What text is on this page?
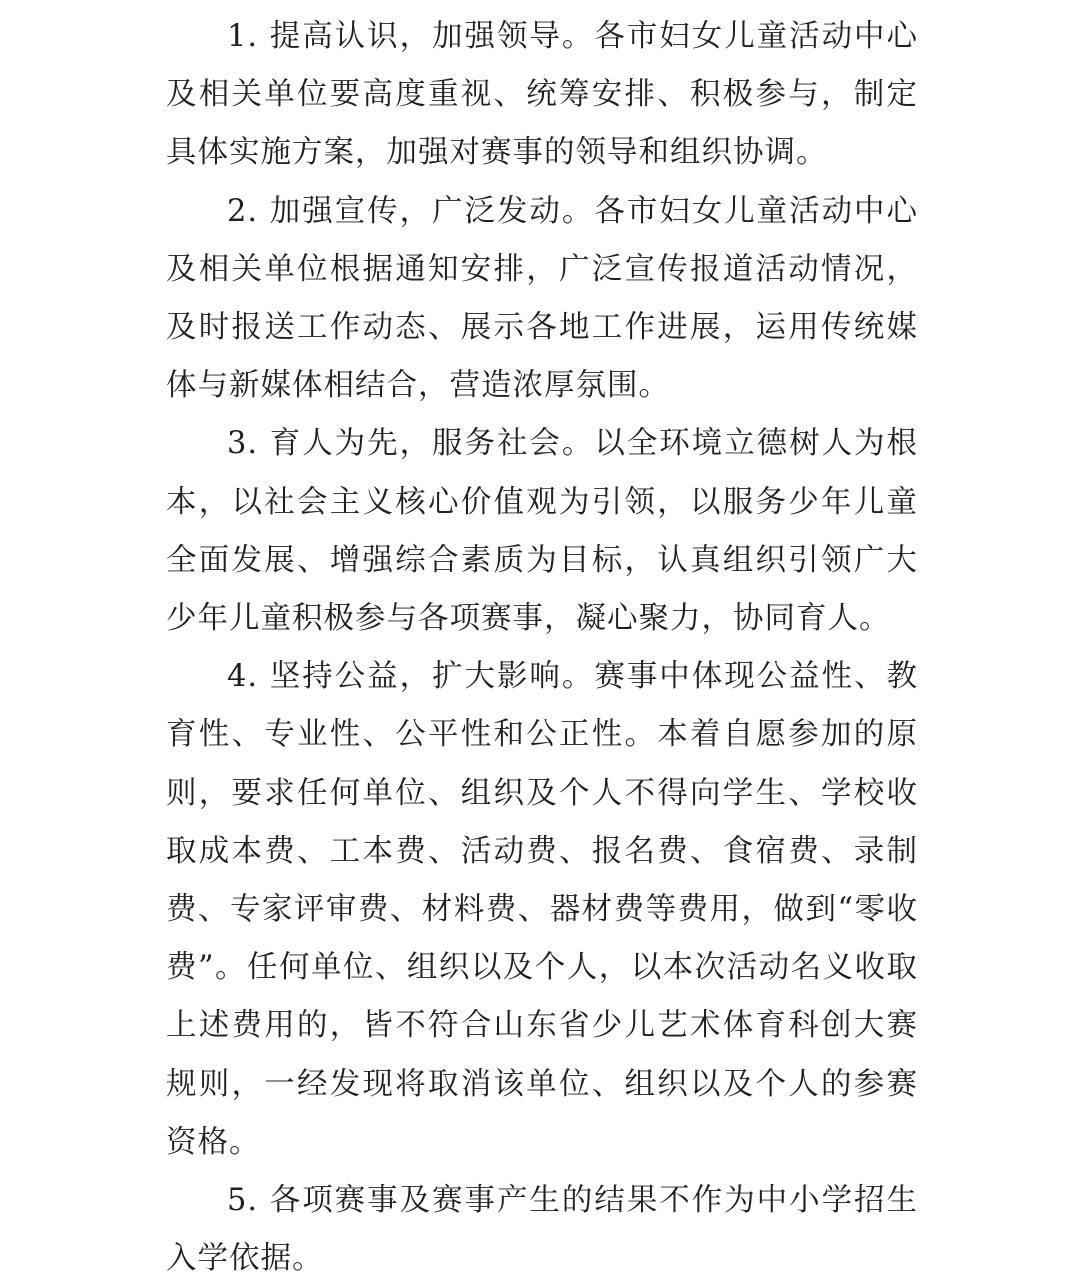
1. 提高认识，加强领导。各市妇女儿童活动中心及相关单位要高度重视、统筹安排、积极参与，制定具体实施方案，加强对赛事的领导和组织协调。

2. 加强宣传，广泛发动。各市妇女儿童活动中心及相关单位根据通知安排，广泛宣传报道活动情况，及时报送工作动态、展示各地工作进展，运用传统媒体与新媒体相结合，营造浓厚氛围。

3. 育人为先，服务社会。以全环境立德树人为根本，以社会主义核心价值观为引领，以服务少年儿童全面发展、增强综合素质为目标，认真组织引领广大少年儿童积极参与各项赛事，凝心聚力，协同育人。

4. 坚持公益，扩大影响。赛事中体现公益性、教育性、专业性、公平性和公正性。本着自愿参加的原则，要求任何单位、组织及个人不得向学生、学校收取成本费、工本费、活动费、报名费、食宿费、录制费、专家评审费、材料费、器材费等费用，做到“零收费”。任何单位、组织以及个人，以本次活动名义收取上述费用的，皆不符合山东省少儿艺术体育科创大赛规则，一经发现将取消该单位、组织以及个人的参赛资格。

5. 各项赛事及赛事产生的结果不作为中小学招生入学依据。
